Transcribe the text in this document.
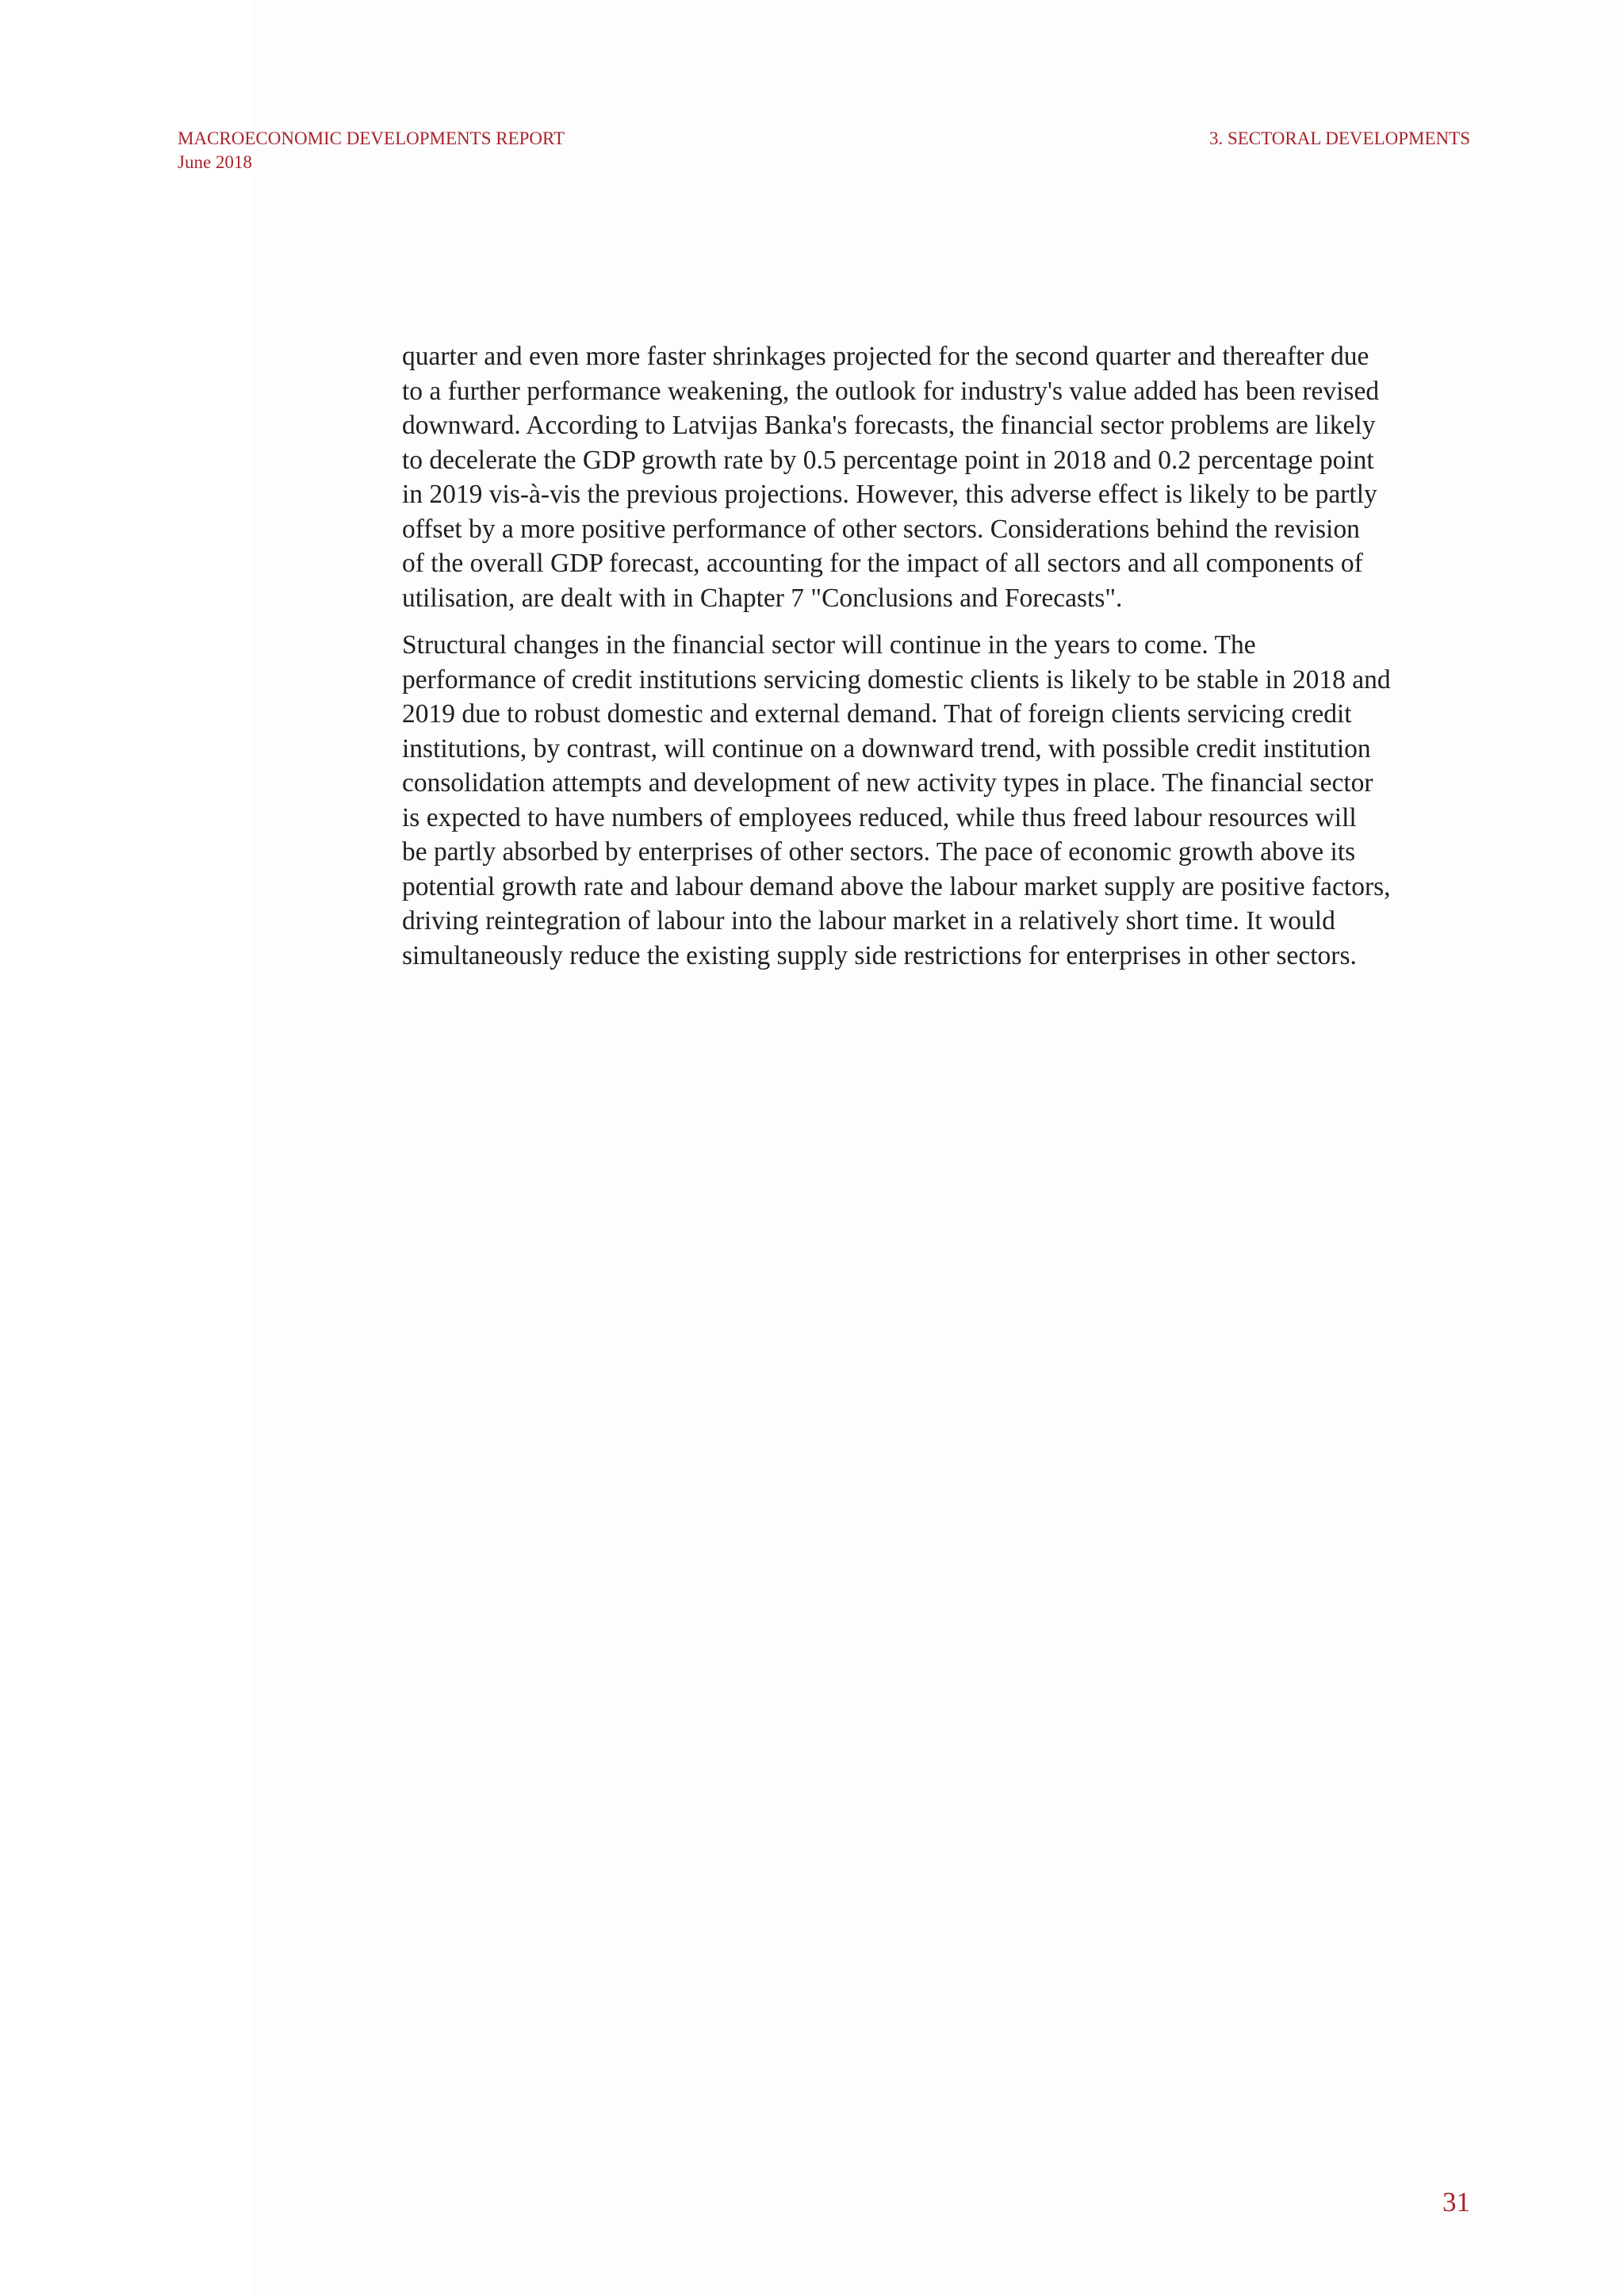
MACROECONOMIC DEVELOPMENTS REPORT
June 2018
3. SECTORAL DEVELOPMENTS

quarter and even more faster shrinkages projected for the second quarter and thereafter due
to a further performance weakening, the outlook for industry's value added has been revised
downward. According to Latvijas Banka's forecasts, the financial sector problems are likely
to decelerate the GDP growth rate by 0.5 percentage point in 2018 and 0.2 percentage point
in 2019 vis-à-vis the previous projections. However, this adverse effect is likely to be partly
offset by a more positive performance of other sectors. Considerations behind the revision
of the overall GDP forecast, accounting for the impact of all sectors and all components of
utilisation, are dealt with in Chapter 7 "Conclusions and Forecasts".

Structural changes in the financial sector will continue in the years to come. The
performance of credit institutions servicing domestic clients is likely to be stable in 2018 and
2019 due to robust domestic and external demand. That of foreign clients servicing credit
institutions, by contrast, will continue on a downward trend, with possible credit institution
consolidation attempts and development of new activity types in place. The financial sector
is expected to have numbers of employees reduced, while thus freed labour resources will
be partly absorbed by enterprises of other sectors. The pace of economic growth above its
potential growth rate and labour demand above the labour market supply are positive factors,
driving reintegration of labour into the labour market in a relatively short time. It would
simultaneously reduce the existing supply side restrictions for enterprises in other sectors.

31
